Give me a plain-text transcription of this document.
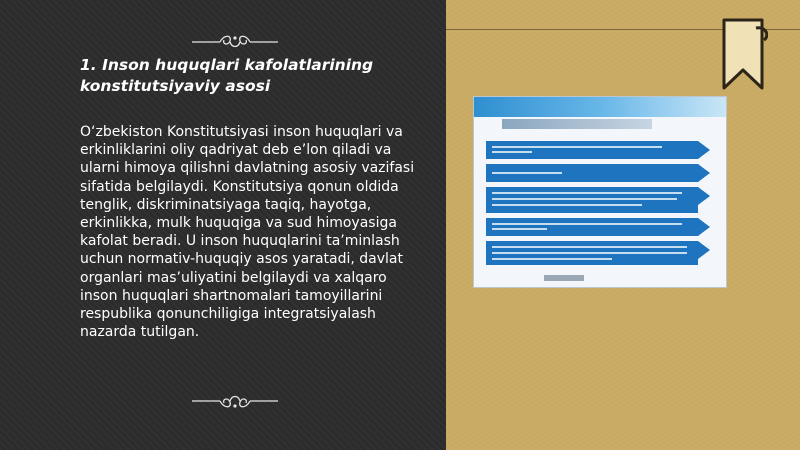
1. Inson huquqlari kafolatlarining konstitutsiyaviy asosi

O‘zbekiston Konstitutsiyasi inson huquqlari va erkinliklarini oliy qadriyat deb e’lon qiladi va ularni himoya qilishni davlatning asosiy vazifasi sifatida belgilaydi. Konstitutsiya qonun oldida tenglik, diskriminatsiyaga taqiq, hayotga, erkinlikka, mulk huquqiga va sud himoyasiga kafolat beradi. U inson huquqlarini ta’minlash uchun normativ-huquqiy asos yaratadi, davlat organlari mas’uliyatini belgilaydi va xalqaro inson huquqlari shartnomalari tamoyillarini respublika qonunchiligiga integratsiyalash nazarda tutilgan.
